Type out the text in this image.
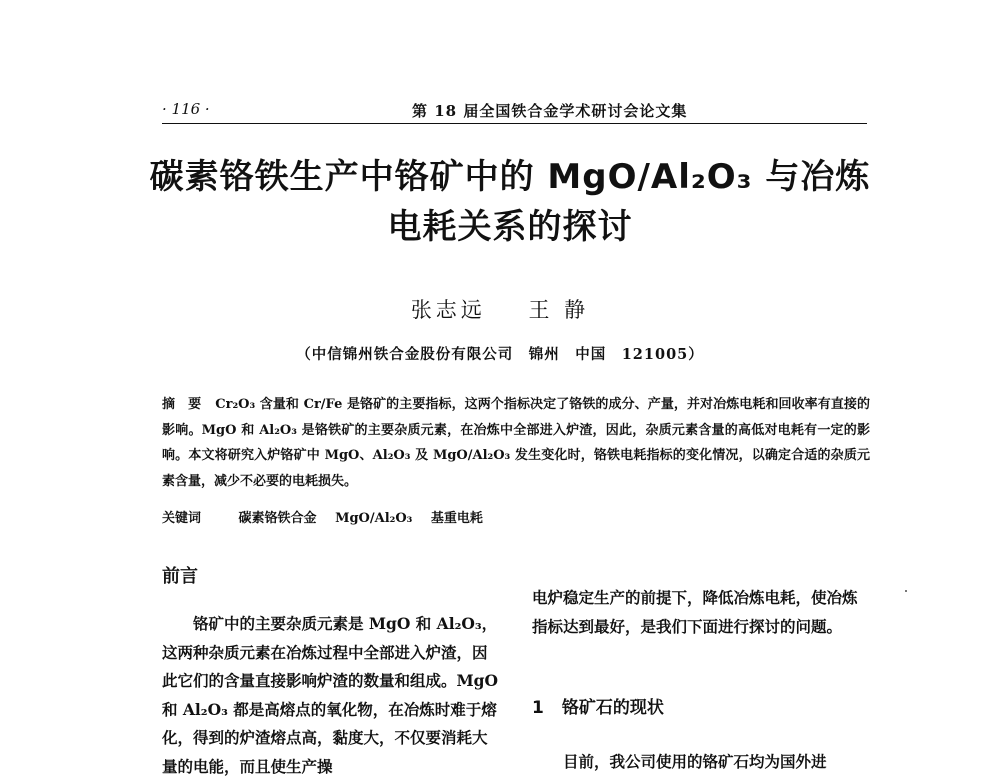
· 116 ·	第 18 届全国铁合金学术研讨会论文集
碳素铬铁生产中铬矿中的 MgO/Al₂O₃ 与冶炼
电耗关系的探讨
张志远 王 静
（中信锦州铁合金股份有限公司　锦州　中国　121005）
摘　要 Cr₂O₃ 含量和 Cr/Fe 是铬矿的主要指标，这两个指标决定了铬铁的成分、产量，并对冶炼电耗和回收率有直接的影响。MgO 和 Al₂O₃ 是铬铁矿的主要杂质元素，在冶炼中全部进入炉渣，因此，杂质元素含量的高低对电耗有一定的影响。本文将研究入炉铬矿中 MgO、Al₂O₃ 及 MgO/Al₂O₃ 发生变化时，铬铁电耗指标的变化情况，以确定合适的杂质元素含量，减少不必要的电耗损失。
关键词	碳素铬铁合金 MgO/Al₂O₃ 基重电耗
前言

铬矿中的主要杂质元素是 MgO 和 Al₂O₃，这两种杂质元素在冶炼过程中全部进入炉渣，因此它们的含量直接影响炉渣的数量和组成。MgO 和 Al₂O₃ 都是高熔点的氧化物，在冶炼时难于熔化，得到的炉渣熔点高，黏度大，不仅要消耗大量的电能，而且使生产操

电炉稳定生产的前提下，降低冶炼电耗，使冶炼指标达到最好，是我们下面进行探讨的问题。

1 铬矿石的现状
目前，我公司使用的铬矿石均为国外进
